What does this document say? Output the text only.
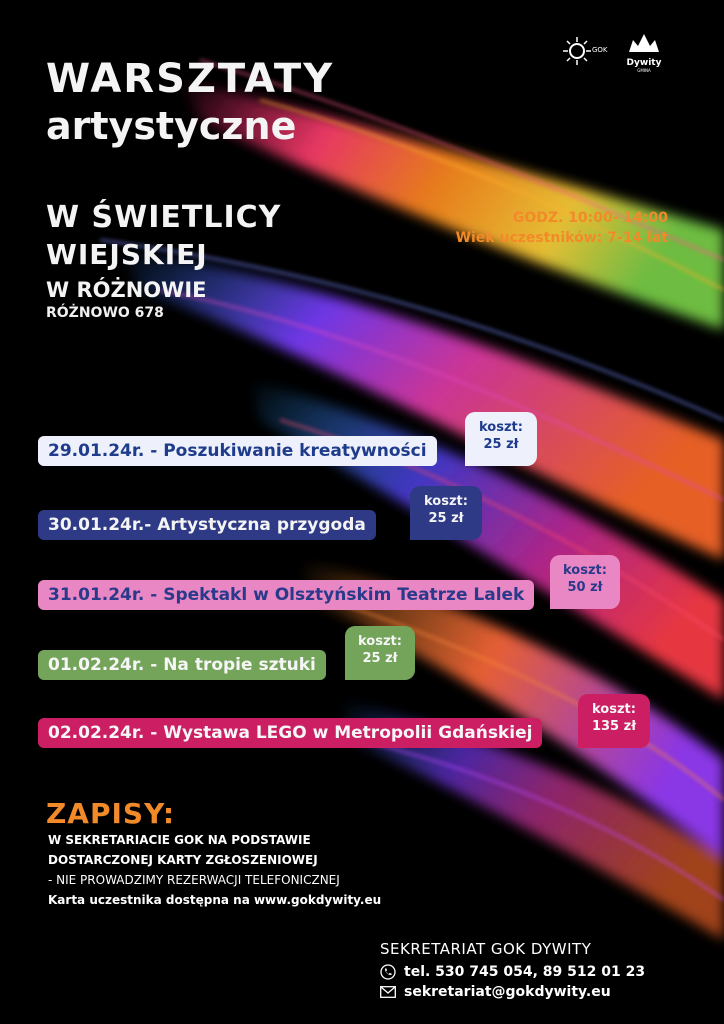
GOK
Dywity
GMINA
WARSZTATY
artystyczne
W ŚWIETLICY
WIEJSKIEJ
W RÓŻNOWIE
RÓŻNOWO 678
GODZ. 10:00- 14:00
Wiek uczestników: 7-14 lat
29.01.24r. - Poszukiwanie kreatywności
koszt:
25 zł
30.01.24r.- Artystyczna przygoda
koszt:
25 zł
31.01.24r. - Spektakl w Olsztyńskim Teatrze Lalek
koszt:
50 zł
01.02.24r. - Na tropie sztuki
koszt:
25 zł
02.02.24r. - Wystawa LEGO w Metropolii Gdańskiej
koszt:
135 zł
ZAPISY:
W SEKRETARIACIE GOK NA PODSTAWIE
DOSTARCZONEJ KARTY ZGŁOSZENIOWEJ
- NIE PROWADZIMY REZERWACJI TELEFONICZNEJ
Karta uczestnika dostępna na www.gokdywity.eu
SEKRETARIAT GOK DYWITY
tel. 530 745 054, 89 512 01 23
sekretariat@gokdywity.eu
